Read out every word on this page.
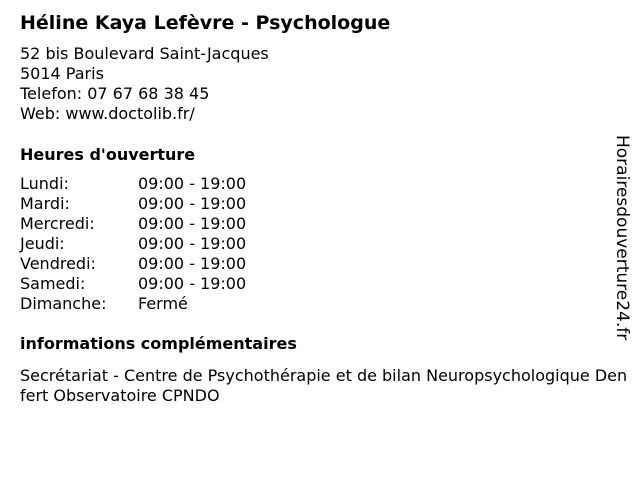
Héline Kaya Lefèvre - Psychologue
52 bis Boulevard Saint-Jacques
5014 Paris
Telefon: 07 67 68 38 45
Web: www.doctolib.fr/
Heures d'ouverture
Lundi:	09:00 - 19:00
Mardi:	09:00 - 19:00
Mercredi:	09:00 - 19:00
Jeudi:	09:00 - 19:00
Vendredi:	09:00 - 19:00
Samedi:	09:00 - 19:00
Dimanche:	Fermé
informations complémentaires
Secrétariat - Centre de Psychothérapie et de bilan Neuropsychologique Denfert Observatoire CPNDO
Horairesdouverture24.fr
